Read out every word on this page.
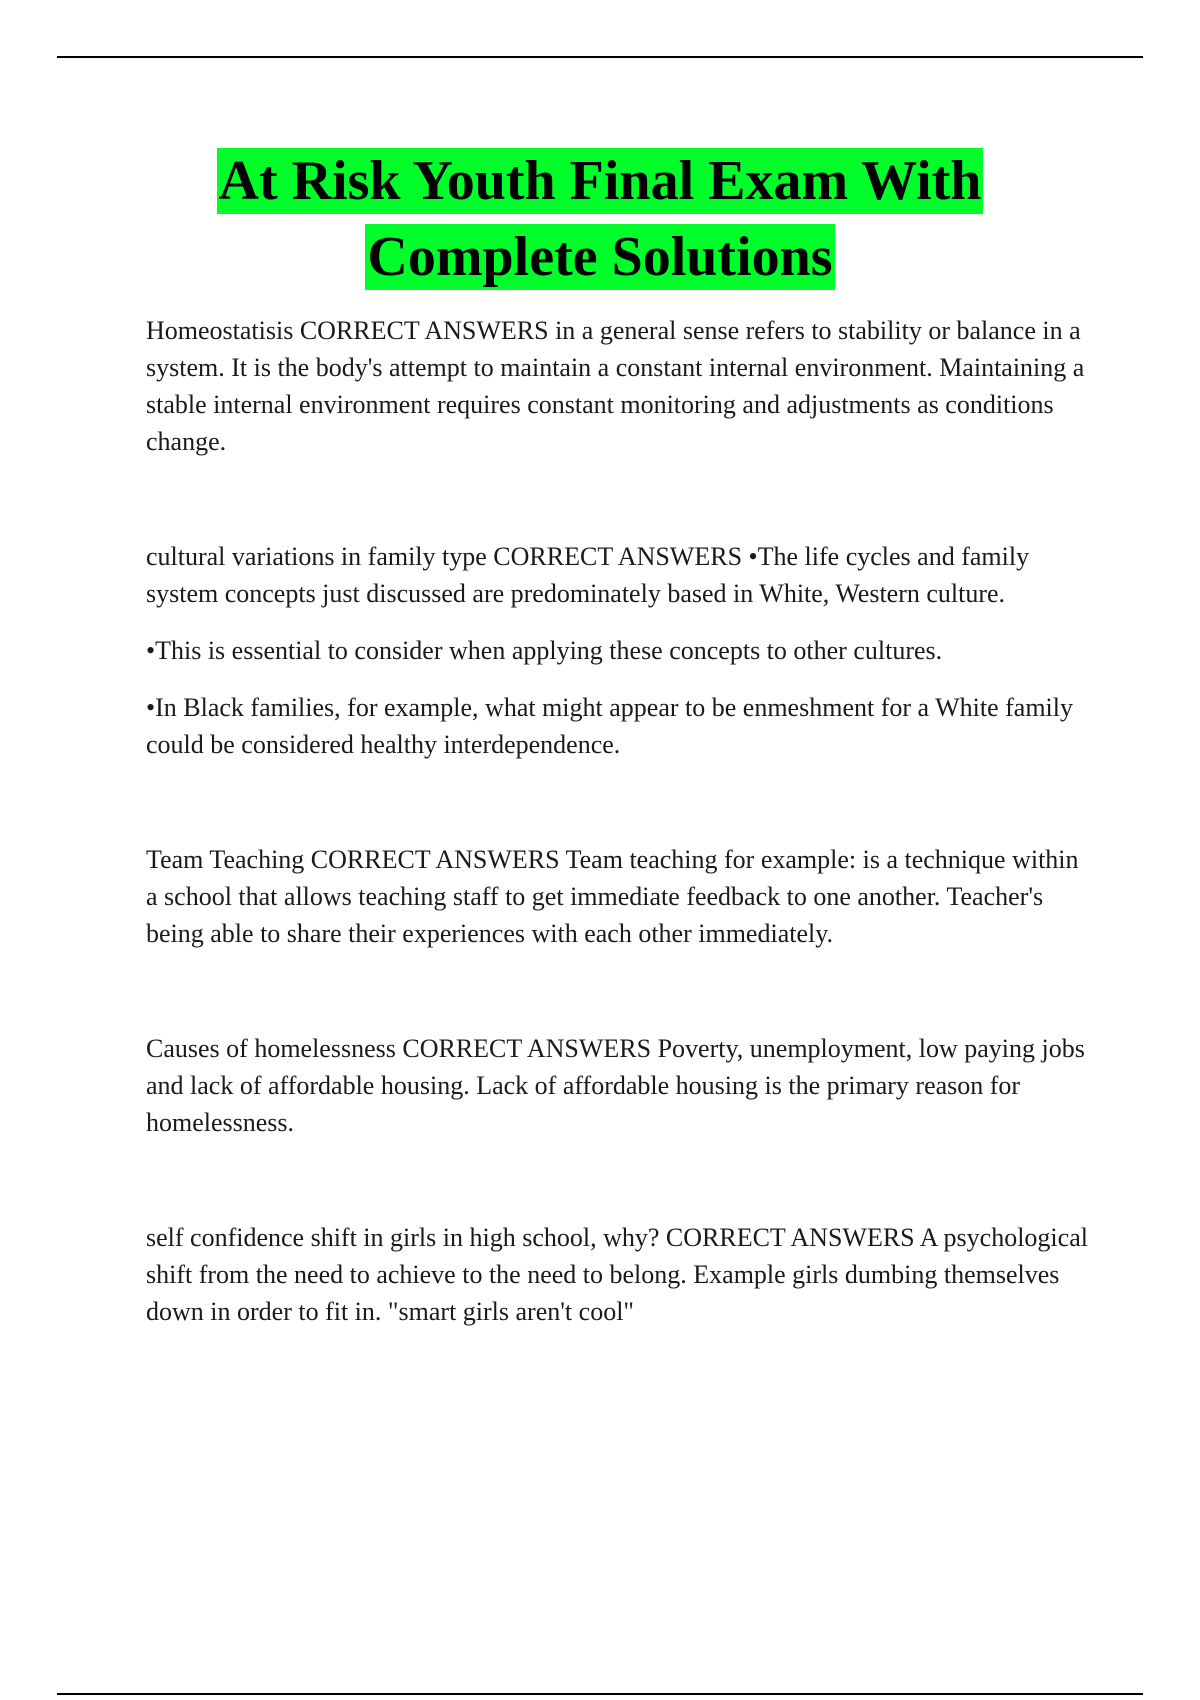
At Risk Youth Final Exam With
Complete Solutions

Homeostatisis CORRECT ANSWERS in a general sense refers to stability or balance in a system. It is the body's attempt to maintain a constant internal environment. Maintaining a stable internal environment requires constant monitoring and adjustments as conditions change.

cultural variations in family type CORRECT ANSWERS •The life cycles and family system concepts just discussed are predominately based in White, Western culture.

•This is essential to consider when applying these concepts to other cultures.

•In Black families, for example, what might appear to be enmeshment for a White family could be considered healthy interdependence.

Team Teaching CORRECT ANSWERS Team teaching for example: is a technique within a school that allows teaching staff to get immediate feedback to one another. Teacher's being able to share their experiences with each other immediately.

Causes of homelessness CORRECT ANSWERS Poverty, unemployment, low paying jobs and lack of affordable housing. Lack of affordable housing is the primary reason for homelessness.

self confidence shift in girls in high school, why? CORRECT ANSWERS A psychological shift from the need to achieve to the need to belong. Example girls dumbing themselves down in order to fit in. "smart girls aren't cool"
